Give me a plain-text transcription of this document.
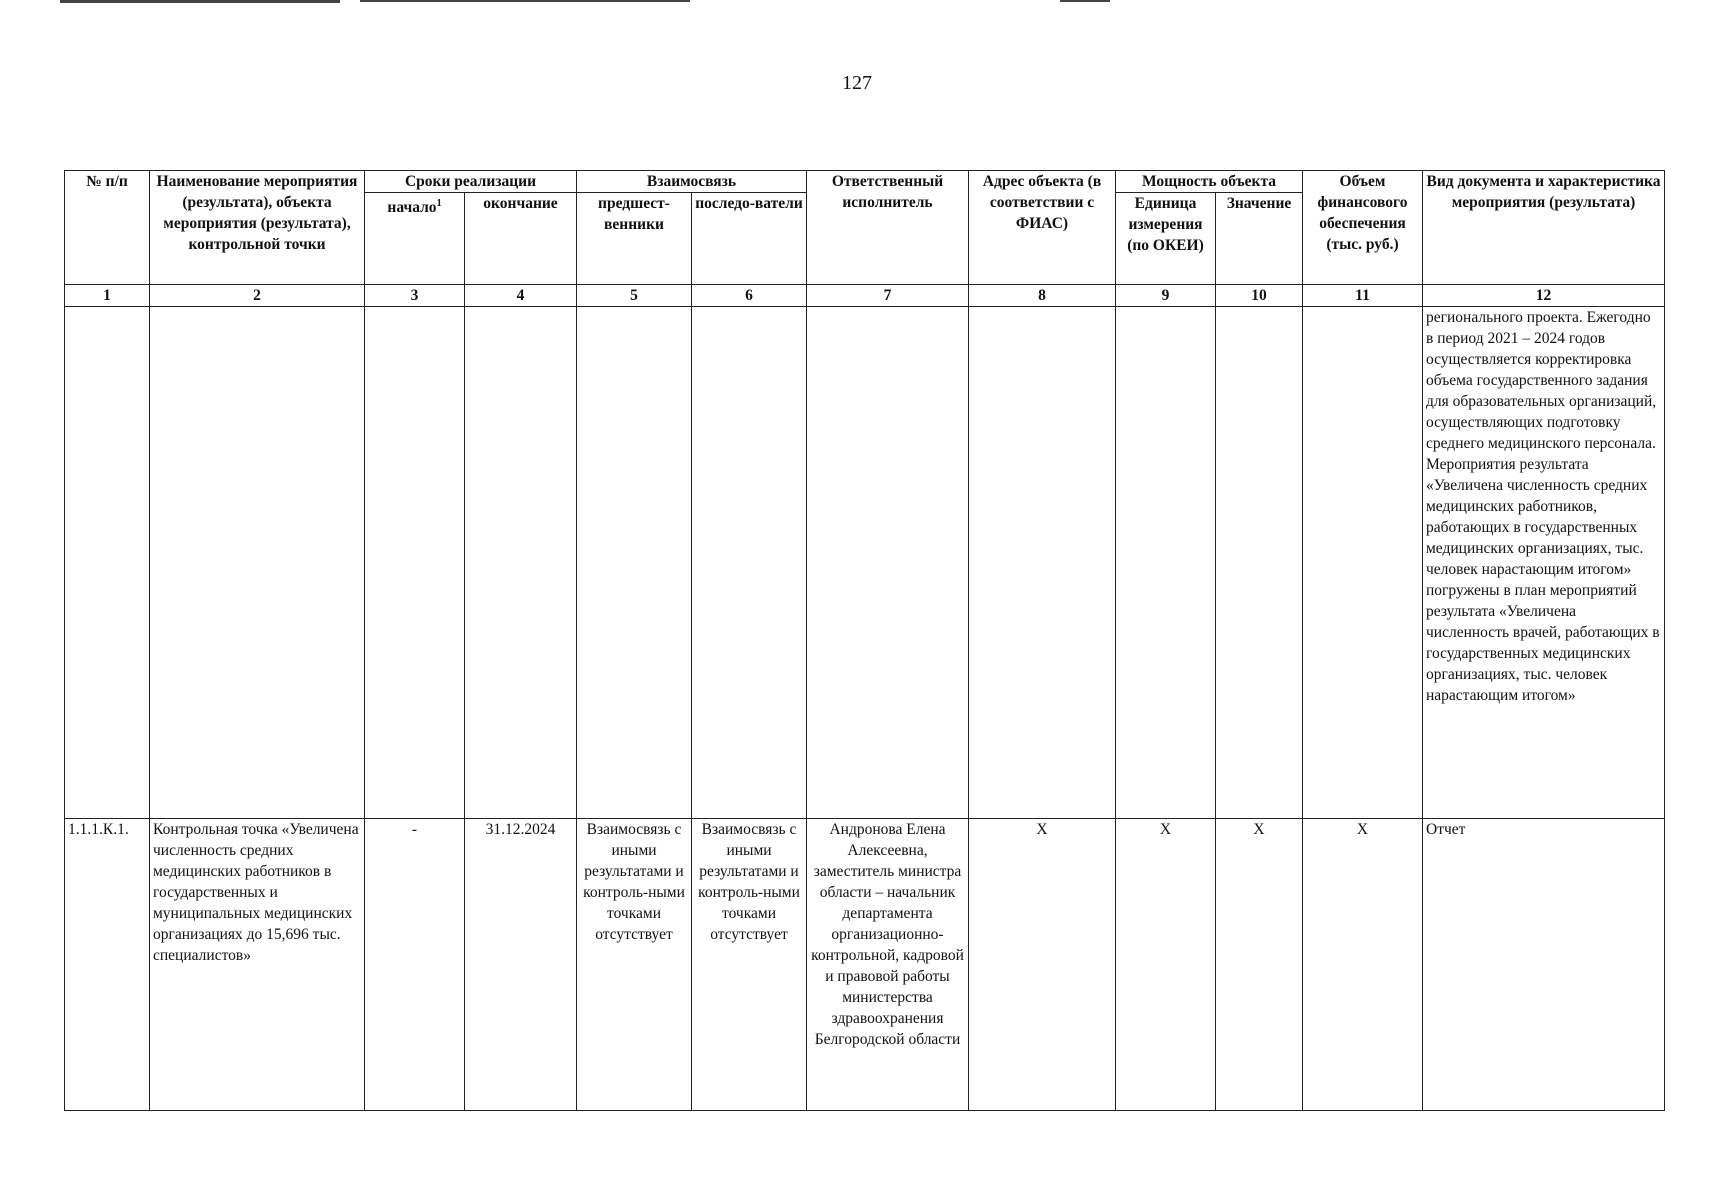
127
№ п/п	Наименование мероприятия (результата), объекта мероприятия (результата), контрольной точки	Сроки реализации		Взаимосвязь		Ответственный исполнитель	Адрес объекта (в соответствии с ФИАС)	Мощность объекта		Объем финансового обеспечения (тыс. руб.)	Вид документа и характеристика мероприятия (результата)
		начало$^1$	окончание	предшест-венники	последо-ватели			Единица измерения (по ОКЕИ)	Значение		
1	2	3	4	5	6	7	8	9	10	11	12
											регионального проекта. Ежегодно в период 2021 – 2024 годов осуществляется корректировка объема государственного задания для образовательных организаций, осуществляющих подготовку среднего медицинского персонала. Мероприятия результата «Увеличена численность средних медицинских работников, работающих в государственных медицинских организациях, тыс. человек нарастающим итогом» погружены в план мероприятий результата «Увеличена численность врачей, работающих в государственных медицинских организациях, тыс. человек нарастающим итогом»
1.1.1.К.1.	Контрольная точка «Увеличена численность средних медицинских работников в государственных и муниципальных медицинских организациях до 15,696 тыс. специалистов»	-	31.12.2024	Взаимосвязь с иными результатами и контроль-ными точками отсутствует	Взаимосвязь с иными результатами и контроль-ными точками отсутствует	Андронова Елена Алексеевна, заместитель министра области – начальник департамента организационно-контрольной, кадровой и правовой работы министерства здравоохранения Белгородской области	X	X	X	X	Отчет
